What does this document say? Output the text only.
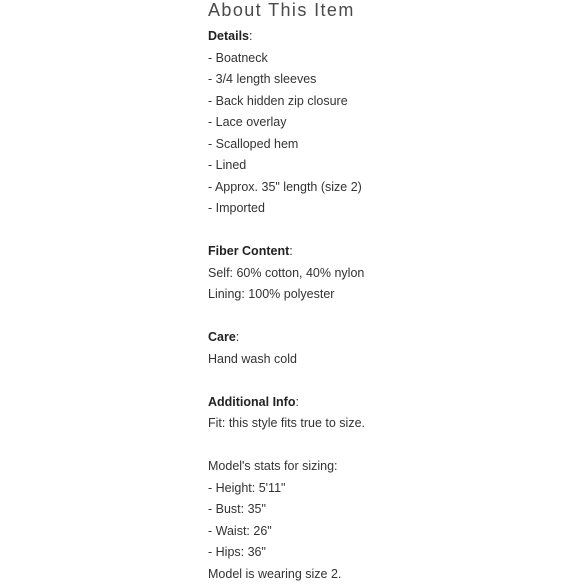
About This Item
Details:
- Boatneck
- 3/4 length sleeves
- Back hidden zip closure
- Lace overlay
- Scalloped hem
- Lined
- Approx. 35" length (size 2)
- Imported
Fiber Content:
Self: 60% cotton, 40% nylon
Lining: 100% polyester
Care:
Hand wash cold
Additional Info:
Fit: this style fits true to size.
Model's stats for sizing:
- Height: 5'11"
- Bust: 35"
- Waist: 26"
- Hips: 36"
Model is wearing size 2.
